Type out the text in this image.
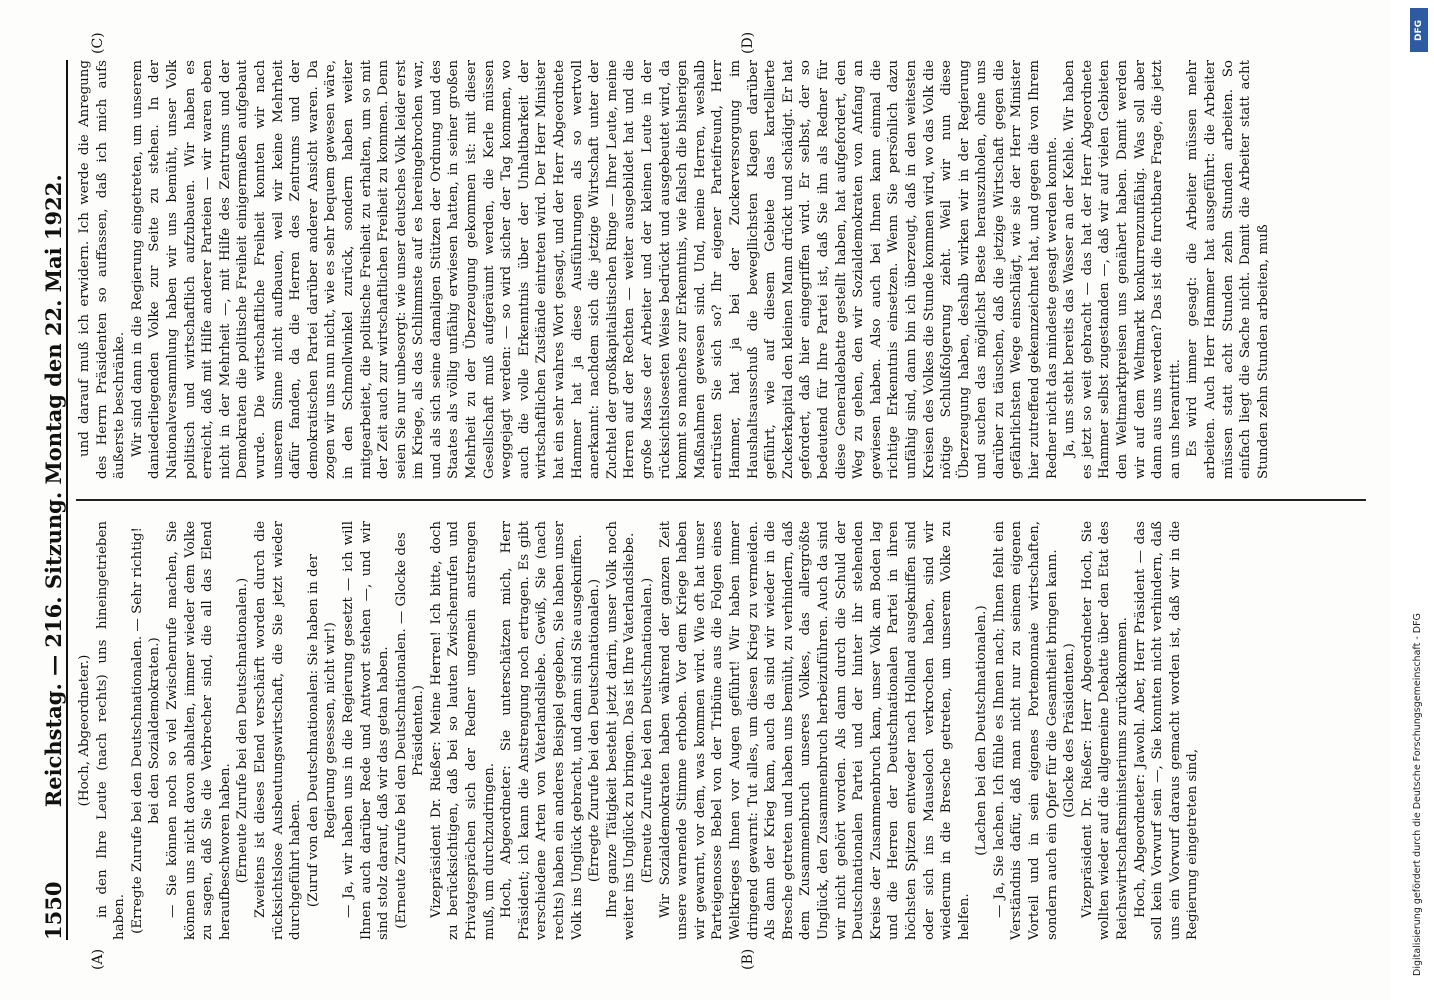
1550
Reichstag. — 216. Sitzung. Montag den 22. Mai 1922.
(A)	(B)
(C)	(D)

(Hoch, Abgeordneter.) in den Ihre Leute (nach rechts) uns hineingetrieben haben. (Erregte Zurufe bei den Deutschnationalen. — Sehr richtig! bei den Sozialdemokraten.) — Sie können noch so viel Zwischenrufe machen, Sie können uns nicht davon abhalten, immer wieder dem Volke zu sagen, daß Sie die Verbrecher sind, die all das Elend heraufbeschworen haben. (Erneute Zurufe bei den Deutschnationalen.) Zweitens ist dieses Elend verschärft worden durch die rücksichtslose Ausbeutungswirtschaft, die Sie jetzt wieder durchgeführt haben. (Zuruf von den Deutschnationalen: Sie haben in der Regierung gesessen, nicht wir!) — Ja, wir haben uns in die Regierung gesetzt — ich will Ihnen auch darüber Rede und Antwort stehen —, und wir sind stolz darauf, daß wir das getan haben. (Erneute Zurufe bei den Deutschnationalen. — Glocke des Präsidenten.) Vizepräsident Dr. Rießer: Meine Herren! Ich bitte, doch zu berücksichtigen, daß bei so lauten Zwischenrufen und Privatgesprächen sich der Redner ungemein anstrengen muß, um durchzudringen. Hoch, Abgeordneter: Sie unterschätzen mich, Herr Präsident; ich kann die Anstrengung noch ertragen. Es gibt verschiedene Arten von Vaterlandsliebe. Gewiß, Sie (nach rechts) haben ein anderes Beispiel gegeben, Sie haben unser Volk ins Unglück gebracht, und dann sind Sie ausgekniffen. (Erregte Zurufe bei den Deutschnationalen.) Ihre ganze Tätigkeit besteht jetzt darin, unser Volk noch weiter ins Unglück zu bringen. Das ist Ihre Vaterlandsliebe. (Erneute Zurufe bei den Deutschnationalen.) Wir Sozialdemokraten haben während der ganzen Zeit unsere warnende Stimme erhoben. Vor dem Kriege haben wir gewarnt, vor dem, was kommen wird. Wie oft hat unser Parteigenosse Bebel von der Tribüne aus die Folgen eines Weltkrieges Ihnen vor Augen geführt! Wir haben immer dringend gewarnt: Tut alles, um diesen Krieg zu vermeiden. Als dann der Krieg kam, auch da sind wir wieder in die Bresche getreten und haben uns bemüht, zu verhindern, daß dem Zusammenbruch unseres Volkes, das allergrößte Unglück, den Zusammenbruch herbeizuführen. Auch da sind wir nicht gehört worden. Als dann durch die Schuld der Deutschnationalen Partei und der hinter ihr stehenden Kreise der Zusammenbruch kam, unser Volk am Boden lag und die Herren der Deutschnationalen Partei in ihren höchsten Spitzen entweder nach Holland ausgekniffen sind oder sich ins Mauseloch verkrochen haben, sind wir wiederum in die Bresche getreten, um unserem Volke zu helfen.

(Lachen bei den Deutschnationalen.) — Ja, Sie lachen. Ich fühle es Ihnen nach; Ihnen fehlt ein Verständnis dafür, daß man nicht nur zu seinem eigenen Vorteil und in sein eigenes Portemonnaie wirtschaften, sondern auch ein Opfer für die Gesamtheit bringen kann. (Glocke des Präsidenten.) Vizepräsident Dr. Rießer: Herr Abgeordneter Hoch, Sie wollten wieder auf die allgemeine Debatte über den Etat des Reichswirtschaftsministeriums zurückkommen. Hoch, Abgeordneter: Jawohl. Aber, Herr Präsident — das soll kein Vorwurf sein —, Sie konnten nicht verhindern, daß uns ein Vorwurf daraus gemacht worden ist, daß wir in die Regierung eingetreten sind,

und darauf muß ich erwidern. Ich werde die Anregung des Herrn Präsidenten so auffassen, daß ich mich aufs äußerste beschränke. Wir sind dann in die Regierung eingetreten, um unserem daniederliegenden Volke zur Seite zu stehen. In der Nationalversammlung haben wir uns bemüht, unser Volk politisch und wirtschaftlich aufzubauen. Wir haben es erreicht, daß mit Hilfe anderer Parteien — wir waren eben nicht in der Mehrheit —, mit Hilfe des Zentrums und der Demokraten die politische Freiheit einigermaßen aufgebaut wurde. Die wirtschaftliche Freiheit konnten wir nach unserem Sinne nicht aufbauen, weil wir keine Mehrheit dafür fanden, da die Herren des Zentrums und der demokratischen Partei darüber anderer Ansicht waren. Da zogen wir uns nun nicht, wie es sehr bequem gewesen wäre, in den Schmollwinkel zurück, sondern haben weiter mitgearbeitet, die politische Freiheit zu erhalten, um so mit der Zeit auch zur wirtschaftlichen Freiheit zu kommen. Denn seien Sie nur unbesorgt: wie unser deutsches Volk leider erst im Kriege, als das Schlimmste auf es hereingebrochen war, und als sich seine damaligen Stützen der Ordnung und des Staates als völlig unfähig erwiesen hatten, in seiner großen Mehrheit zu der Überzeugung gekommen ist: mit dieser Gesellschaft muß aufgeräumt werden, die Kerle müssen weggejagt werden: — so wird sicher der Tag kommen, wo auch die volle Erkenntnis über der Unhaltbarkeit der wirtschaftlichen Zustände eintreten wird. Der Herr Minister hat ein sehr wahres Wort gesagt, und der Herr Abgeordnete Hammer hat ja diese Ausführungen als so wertvoll anerkannt: nachdem sich die jetzige Wirtschaft unter der Zuchtel der großkapitalistischen Ringe — Ihrer Leute, meine Herren auf der Rechten — weiter ausgebildet hat und die große Masse der Arbeiter und der kleinen Leute in der rücksichtslosesten Weise bedrückt und ausgebeutet wird, da kommt so manches zur Erkenntnis, wie falsch die bisherigen Maßnahmen gewesen sind. Und, meine Herren, weshalb entrüsten Sie sich so? Ihr eigener Parteifreund, Herr Hammer, hat ja bei der Zuckerversorgung im Haushaltsausschuß die bewegllichsten Klagen darüber geführt, wie auf diesem Gebiete das kartellierte Zuckerkapital den kleinen Mann drückt und schädigt. Er hat gefordert, daß hier eingegriffen wird. Er selbst, der so bedeutend für Ihre Partei ist, daß Sie ihn als Redner für diese Generaldebatte gestellt haben, hat aufgefordert, den Weg zu gehen, den wir Sozialdemokraten von Anfang an gewiesen haben. Also auch bei Ihnen kann einmal die richtige Erkenntnis einsetzen. Wenn Sie persönlich dazu unfähig sind, dann bin ich überzeugt, daß in den weitesten Kreisen des Volkes die Stunde kommen wird, wo das Volk die nötige Schlußfolgerung zieht. Weil wir nun diese Überzeugung haben, deshalb wirken wir in der Regierung und suchen das möglichst Beste herauszuholen, ohne uns darüber zu täuschen, daß die jetzige Wirtschaft gegen die gefährlichsten Wege einschlägt, wie sie der Herr Minister hier zutreffend gekennzeichnet hat, und gegen die von Ihrem Redner nicht das mindeste gesagt werden konnte. Ja, uns steht bereits das Wasser an der Kehle. Wir haben es jetzt so weit gebracht — das hat der Herr Abgeordnete Hammer selbst zugestanden —, daß wir auf vielen Gebieten den Weltmarktpreisen uns genähert haben. Damit werden wir auf dem Weltmarkt konkurrenzunfähig. Was soll aber dann aus uns werden? Das ist die furchtbare Frage, die jetzt an uns herantritt. Es wird immer gesagt: die Arbeiter müssen mehr arbeiten. Auch Herr Hammer hat ausgeführt: die Arbeiter müssen statt acht Stunden zehn Stunden arbeiten. So einfach liegt die Sache nicht. Damit die Arbeiter statt acht Stunden zehn Stunden arbeiten, muß

DFG
Digitalisierung gefördert durch die Deutsche Forschungsgemeinschaft - DFG
